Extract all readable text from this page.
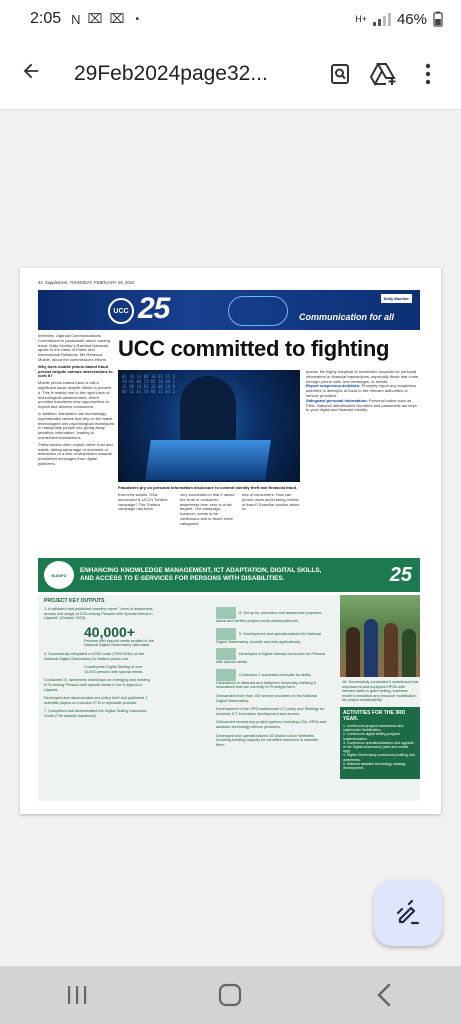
2:05 N ⌧ ⌧ •	H+ 46%
29Feb2024page32...
32. Supplement. THURSDAY, FEBRUARY 29, 2024
UCC 25	Daily Monitor
Communication for all

Interview. Uganda Communications Commission is passionate about curbing fraud. Daily Monitor's Racheal Nabisubi, spoke to the Head of Public and International Relations, Ms Rebecca Mukite, about the commission's efforts

Why does mobile phone-based fraud persist despite various interventions to curb it?

Mobile phone-based fraud is still a significant issue despite efforts to prevent it. This is mainly due to the rapid pace of technological advancement, which provides fraudsters new opportunities to exploit and deceive consumers.

In addition, fraudsters use increasingly sophisticated tactics that rely on the latest technologies and psychological techniques to manipulate people into giving away sensitive information, leading to unintended transactions.

These tactics often exploit users' trust and habits, taking advantage of moments of distraction or a lack of skepticism towards unsolicited messages from digital platforms.

UCC committed to fighting
01 10 11 00 10 01 11 0
10 01 00 11 01 10 00 1
11 00 10 01 11 00 10 0
00 11 01 10 00 11 01 1
Fraudsters pry on personal information disclosure to commit identity theft and financial fraud.
from new scams. How successful is UCC's Tonfera campaign? The Tonfera campaign has been
very successful in that it raised the level of consumer awareness from zero to a fair degree. The campaign, however, needs to be continuous and to reach more categories
ries of consumers. How can phone users avoid being victims of fraud? Exercise caution about re-

quests: Be highly sceptical of unsolicited requests for personal information or financial transactions, especially those that come through phone calls, text messages, or emails.

Report suspicious activities: Promptly report any suspicious activities or attempts at fraud to the relevant authorities or service providers.

Safeguard personal information: Personal codes such as PINs, National Identification Numbers and passwords are keys to your digital and financial identity.

NUDIPU
ENHANCING KNOWLEDGE MANAGEMENT, ICT ADAPTATION, DIGITAL SKILLS, AND ACCESS TO E-SERVICES FOR PERSONS WITH DISABILITIES.	25
PROJECT KEY OUTPUTS

1. A validated and published baseline report "Level of awareness, access and usage of ICTs among Persons with Special Needs in Uganda" (October 2023).

40,000+

Persons with special needs profiled in the National Digital Observatory data base.

3. Successfully integrated a USSD code (*255*103#) on the National Digital Observatory for feature phone use.

Countrywide Digital Skilling of over 10,000 persons with special needs.

Conducted 21 awareness workshops on emerging and existing ICTs among Persons with special needs in the 5 regions in Uganda.

Developed and disseminated one policy brief and published 2 scientific papers on inclusive ICTs in reputable journals.

7. Completed and disseminated the Digital Skilling Instruction Guide (The didactic handbook).

8. Set up for promotion and awareness purposes, active and verified project social media platforms.

9. Development and operationalized the National Digital Observatory, (mobile and web applications).

Developed a Digital Literacy curriculum for Persons with special needs.

Conducted 2 successful innovate for ability Hackathons in Mbarara and Makerere University realizing 6 innovations that are currently in Prototype form.

Onboarded more than 160 service providers on the National Digital Observatory.

Development of the OPD institutional ICT policy and Strategy for inclusive ICT innovation development and access.

Onboarded several key project partners including LGs, OPDs and assistive technology service providers.

Developed and operationalized 35 District Union Websites, including building capacity for identified members to maintain them.

18. Successfully conducted 6 workshops that empowered and equipped OPDs with relevant skills in grant writing, business model formulation and resource mobilization for project sustainability.
ACTIVITIES FOR THE 3RD YEAR.

1. Continuous program awareness and stakeholder Mobilization.

2. Continuous digital skilling program implementation.

3. Continuous operationalization and upgrade of the Digital observatory (web and mobile app).

4. Digital Observatory continuous profiling and awareness.

5. National assistive technology strategy development.
